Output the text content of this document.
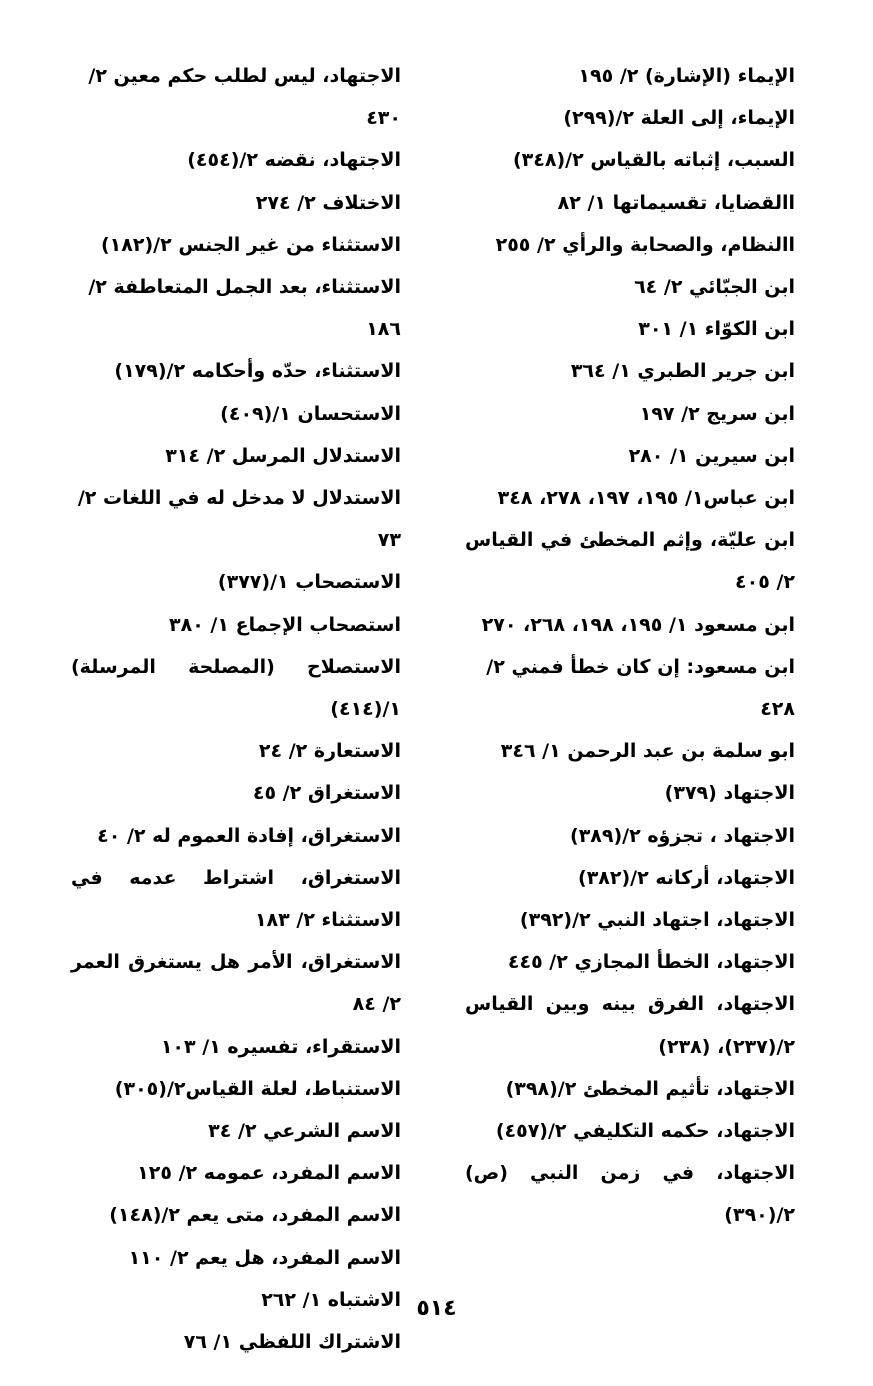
الإيماء (الإشارة) ٢/ ١٩٥

الإيماء، إلى العلة ٢/(٢٩٩)

السبب، إثباته بالقياس ٢/(٣٤٨)

االقضايا، تقسيماتها ١/ ٨٢

االنظام، والصحابة والرأي ٢/ ٢٥٥

ابن الجبّائي ٢/ ٦٤

ابن الكوّاء ١/ ٣٠١

ابن جرير الطبري ١/ ٣٦٤

ابن سريج ٢/ ١٩٧

ابن سيرين ١/ ٢٨٠

ابن عباس١/ ١٩٥، ١٩٧، ٢٧٨، ٣٤٨

ابن عليّة، وإثم المخطئ في القياس ٢/ ٤٠٥

ابن مسعود ١/ ١٩٥، ١٩٨، ٢٦٨، ٢٧٠

ابن مسعود: إن كان خطأ فمني ٢/ ٤٢٨

ابو سلمة بن عبد الرحمن ١/ ٣٤٦

الاجتهاد (٣٧٩)

الاجتهاد ، تجزؤه ٢/(٣٨٩)

الاجتهاد، أركانه ٢/(٣٨٢)

الاجتهاد، اجتهاد النبي ٢/(٣٩٢)

الاجتهاد، الخطأ المجازي ٢/ ٤٤٥

الاجتهاد، الفرق بينه وبين القياس ٢/(٢٣٧)، (٢٣٨)

الاجتهاد، تأثيم المخطئ ٢/(٣٩٨)

الاجتهاد، حكمه التكليفي ٢/(٤٥٧)

الاجتهاد، في زمن النبي (ص) ٢/(٣٩٠)

الاجتهاد، ليس لطلب حكم معين ٢/ ٤٣٠

الاجتهاد، نقضه ٢/(٤٥٤)

الاختلاف ٢/ ٢٧٤

الاستثناء من غير الجنس ٢/(١٨٢)

الاستثناء، بعد الجمل المتعاطفة ٢/ ١٨٦

الاستثناء، حدّه وأحكامه ٢/(١٧٩)

الاستحسان ١/(٤٠٩)

الاستدلال المرسل ٢/ ٣١٤

الاستدلال لا مدخل له في اللغات ٢/ ٧٣

الاستصحاب ١/(٣٧٧)

استصحاب الإجماع ١/ ٣٨٠

الاستصلاح (المصلحة المرسلة) ١/(٤١٤)

الاستعارة ٢/ ٢٤

الاستغراق ٢/ ٤٥

الاستغراق، إفادة العموم له ٢/ ٤٠

الاستغراق، اشتراط عدمه في الاستثناء ٢/ ١٨٣

الاستغراق، الأمر هل يستغرق العمر ٢/ ٨٤

الاستقراء، تفسيره ١/ ١٠٣

الاستنباط، لعلة القياس٢/(٣٠٥)

الاسم الشرعي ٢/ ٣٤

الاسم المفرد، عمومه ٢/ ١٢٥

الاسم المفرد، متى يعم ٢/(١٤٨)

الاسم المفرد، هل يعم ٢/ ١١٠

الاشتباه ١/ ٢٦٢

الاشتراك اللفظي ١/ ٧٦

٥١٤
